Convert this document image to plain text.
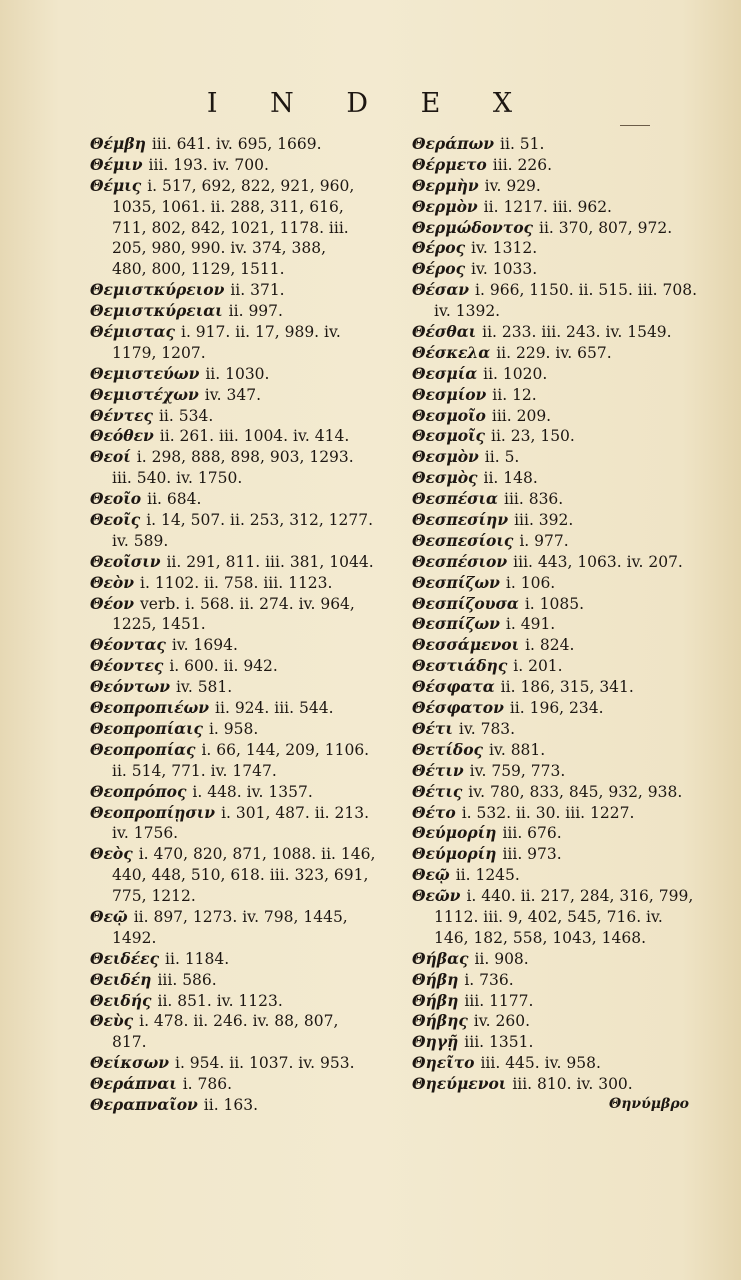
I N D E X
Θέμβη iii. 641. iv. 695, 1669.
Θέμιν iii. 193. iv. 700.
Θέμις i. 517, 692, 822, 921, 960,
1035, 1061. ii. 288, 311, 616,
711, 802, 842, 1021, 1178. iii.
205, 980, 990. iv. 374, 388,
480, 800, 1129, 1511.
Θεμιστκύρειον ii. 371.
Θεμιστκύρειαι ii. 997.
Θέμιστας i. 917. ii. 17, 989. iv.
1179, 1207.
Θεμιστεύων ii. 1030.
Θεμιστέχων iv. 347.
Θέντες ii. 534.
Θεόθεν ii. 261. iii. 1004. iv. 414.
Θεοί i. 298, 888, 898, 903, 1293.
iii. 540. iv. 1750.
Θεοῖο ii. 684.
Θεοῖς i. 14, 507. ii. 253, 312, 1277.
iv. 589.
Θεοῖσιν ii. 291, 811. iii. 381, 1044.
Θεὸν i. 1102. ii. 758. iii. 1123.
Θέον verb. i. 568. ii. 274. iv. 964,
1225, 1451.
Θέοντας iv. 1694.
Θέοντες i. 600. ii. 942.
Θεόντων iv. 581.
Θεοπροπιέων ii. 924. iii. 544.
Θεοπροπίαις i. 958.
Θεοπροπίας i. 66, 144, 209, 1106.
ii. 514, 771. iv. 1747.
Θεοπρόπος i. 448. iv. 1357.
Θεοπροπίῃσιν i. 301, 487. ii. 213.
iv. 1756.
Θεὸς i. 470, 820, 871, 1088. ii. 146,
440, 448, 510, 618. iii. 323, 691,
775, 1212.
Θεῷ ii. 897, 1273. iv. 798, 1445,
1492.
Θειδέες ii. 1184.
Θειδέη iii. 586.
Θειδής ii. 851. iv. 1123.
Θεὺς i. 478. ii. 246. iv. 88, 807,
817.
Θείκσων i. 954. ii. 1037. iv. 953.
Θεράπναι i. 786.
Θεραπναῖον ii. 163.
Θεράπων ii. 51.
Θέρμετο iii. 226.
Θερμὴν iv. 929.
Θερμὸν ii. 1217. iii. 962.
Θερμώδοντος ii. 370, 807, 972.
Θέρος iv. 1312.
Θέρος iv. 1033.
Θέσαν i. 966, 1150. ii. 515. iii. 708.
iv. 1392.
Θέσθαι ii. 233. iii. 243. iv. 1549.
Θέσκελα ii. 229. iv. 657.
Θεσμία ii. 1020.
Θεσμίον ii. 12.
Θεσμοῖο iii. 209.
Θεσμοῖς ii. 23, 150.
Θεσμὸν ii. 5.
Θεσμὸς ii. 148.
Θεσπέσια iii. 836.
Θεσπεσίην iii. 392.
Θεσπεσίοις i. 977.
Θεσπέσιον iii. 443, 1063. iv. 207.
Θεσπίζων i. 106.
Θεσπίζουσα i. 1085.
Θεσπίζων i. 491.
Θεσσάμενοι i. 824.
Θεστιάδης i. 201.
Θέσφατα ii. 186, 315, 341.
Θέσφατον ii. 196, 234.
Θέτι iv. 783.
Θετίδος iv. 881.
Θέτιν iv. 759, 773.
Θέτις iv. 780, 833, 845, 932, 938.
Θέτο i. 532. ii. 30. iii. 1227.
Θεύμορίη iii. 676.
Θεύμορίη iii. 973.
Θεῷ ii. 1245.
Θεῶν i. 440. ii. 217, 284, 316, 799,
1112. iii. 9, 402, 545, 716. iv.
146, 182, 558, 1043, 1468.
Θήβας ii. 908.
Θήβη i. 736.
Θήβη iii. 1177.
Θήβης iv. 260.
Θηγῇ iii. 1351.
Θηεῖτο iii. 445. iv. 958.
Θηεύμενοι iii. 810. iv. 300.
Θηνύμβρο
